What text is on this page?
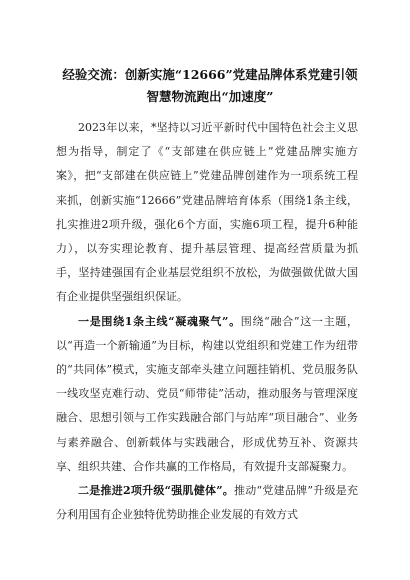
经验交流：创新实施“12666”党建品牌体系党建引领智慧物流跑出“加速度”

2023年以来，*坚持以习近平新时代中国特色社会主义思想为指导，制定了《“支部建在供应链上”党建品牌实施方案》，把“支部建在供应链上”党建品牌创建作为一项系统工程来抓，创新实施“12666”党建品牌培育体系（围绕1条主线，扎实推进2项升级，强化6个方面，实施6项工程，提升6种能力），以夯实理论教育、提升基层管理、提高经营质量为抓手，坚持建强国有企业基层党组织不放松，为做强做优做大国有企业提供坚强组织保证。

一是围绕1条主线“凝魂聚气”。围绕“融合”这一主题，以“再造一个新输通”为目标，构建以党组织和党建工作为纽带的“共同体”模式，实施支部牵头建立问题挂销机、党员服务队一线攻坚克难行动、党员“师带徒”活动，推动服务与管理深度融合、思想引领与工作实践融合部门与站库“项目融合”、业务与素养融合、创新载体与实践融合，形成优势互补、资源共享、组织共建、合作共赢的工作格局，有效提升支部凝聚力。

二是推进2项升级“强肌健体”。推动“党建品牌”升级是充分利用国有企业独特优势助推企业发展的有效方式
